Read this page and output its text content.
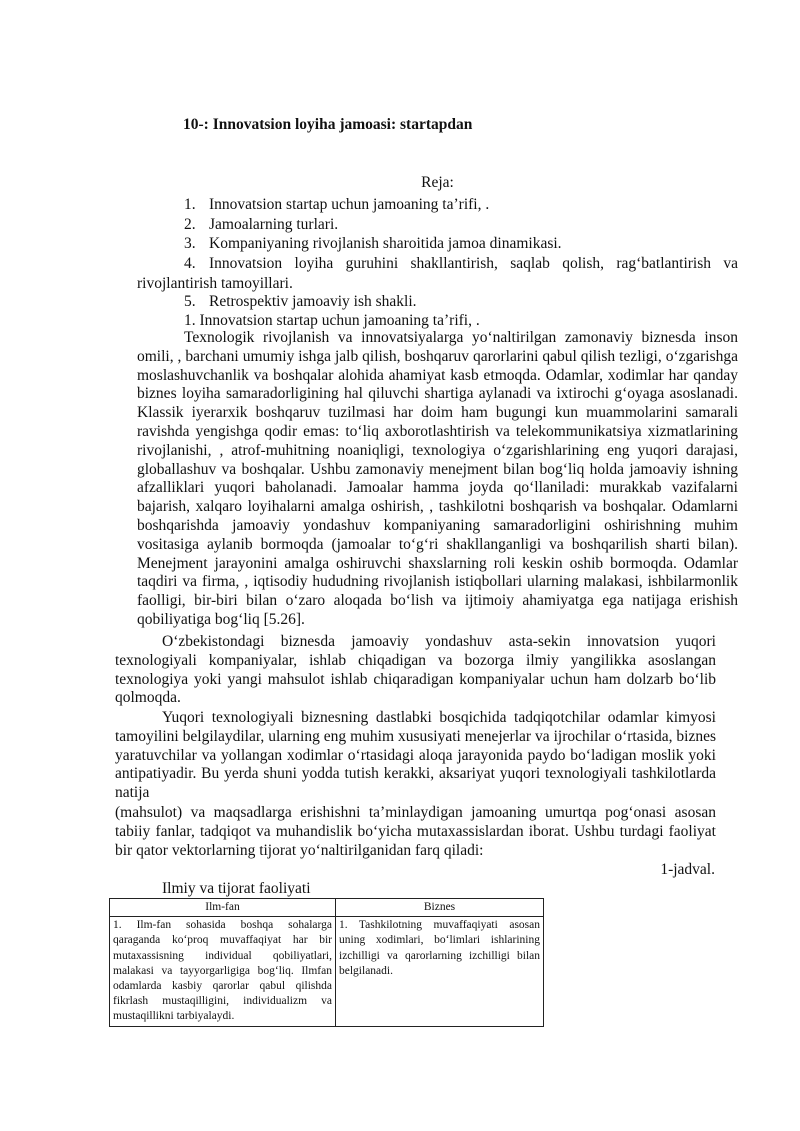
10-: Innovatsion loyiha jamoasi: startapdan
Reja:
1. Innovatsion startap uchun jamoaning ta’rifi, .
2. Jamoalarning turlari.
3. Kompaniyaning rivojlanish sharoitida jamoa dinamikasi.
4. Innovatsion loyiha guruhini shakllantirish, saqlab qolish, rag‘batlantirish va rivojlantirish tamoyillari.
5. Retrospektiv jamoaviy ish shakli.
1. Innovatsion startap uchun jamoaning ta’rifi, .

Texnologik rivojlanish va innovatsiyalarga yo‘naltirilgan zamonaviy biznesda inson omili, , barchani umumiy ishga jalb qilish, boshqaruv qarorlarini qabul qilish tezligi, o‘zgarishga moslashuvchanlik va boshqalar alohida ahamiyat kasb etmoqda. Odamlar, xodimlar har qanday biznes loyiha samaradorligining hal qiluvchi shartiga aylanadi va ixtirochi g‘oyaga asoslanadi. Klassik iyerarxik boshqaruv tuzilmasi har doim ham bugungi kun muammolarini samarali ravishda yengishga qodir emas: to‘liq axborotlashtirish va telekommunikatsiya xizmatlarining rivojlanishi, , atrof-muhitning noaniqligi, texnologiya o‘zgarishlarining eng yuqori darajasi, globallashuv va boshqalar. Ushbu zamonaviy menejment bilan bog‘liq holda jamoaviy ishning afzalliklari yuqori baholanadi. Jamoalar hamma joyda qo‘llaniladi: murakkab vazifalarni bajarish, xalqaro loyihalarni amalga oshirish, , tashkilotni boshqarish va boshqalar. Odamlarni boshqarishda jamoaviy yondashuv kompaniyaning samaradorligini oshirishning muhim vositasiga aylanib bormoqda (jamoalar to‘g‘ri shakllanganligi va boshqarilish sharti bilan). Menejment jarayonini amalga oshiruvchi shaxslarning roli keskin oshib bormoqda. Odamlar taqdiri va firma, , iqtisodiy hududning rivojlanish istiqbollari ularning malakasi, ishbilarmonlik faolligi, bir-biri bilan o‘zaro aloqada bo‘lish va ijtimoiy ahamiyatga ega natijaga erishish qobiliyatiga bog‘liq [5.26].

O‘zbekistondagi biznesda jamoaviy yondashuv asta-sekin innovatsion yuqori texnologiyali kompaniyalar, ishlab chiqadigan va bozorga ilmiy yangilikka asoslangan texnologiya yoki yangi mahsulot ishlab chiqaradigan kompaniyalar uchun ham dolzarb bo‘lib qolmoqda.

Yuqori texnologiyali biznesning dastlabki bosqichida tadqiqotchilar odamlar kimyosi tamoyilini belgilaydilar, ularning eng muhim xususiyati menejerlar va ijrochilar o‘rtasida, biznes yaratuvchilar va yollangan xodimlar o‘rtasidagi aloqa jarayonida paydo bo‘ladigan moslik yoki antipatiyadir. Bu yerda shuni yodda tutish kerakki, aksariyat yuqori texnologiyali tashkilotlarda natija

(mahsulot) va maqsadlarga erishishni ta’minlaydigan jamoaning umurtqa pog‘onasi asosan tabiiy fanlar, tadqiqot va muhandislik bo‘yicha mutaxassislardan iborat. Ushbu turdagi faoliyat bir qator vektorlarning tijorat yo‘naltirilganidan farq qiladi:

1-jadval.
Ilmiy va tijorat faoliyati
Ilm-fan	Biznes
1. Ilm-fan sohasida boshqa sohalarga qaraganda ko‘proq muvaffaqiyat har bir mutaxassisning individual qobiliyatlari, malakasi va tayyorgarligiga bog‘liq. Ilmfan odamlarda kasbiy qarorlar qabul qilishda fikrlash mustaqilligini, individualizm va mustaqillikni tarbiyalaydi.	1. Tashkilotning muvaffaqiyati asosan uning xodimlari, bo‘limlari ishlarining izchilligi va qarorlarning izchilligi bilan belgilanadi.
